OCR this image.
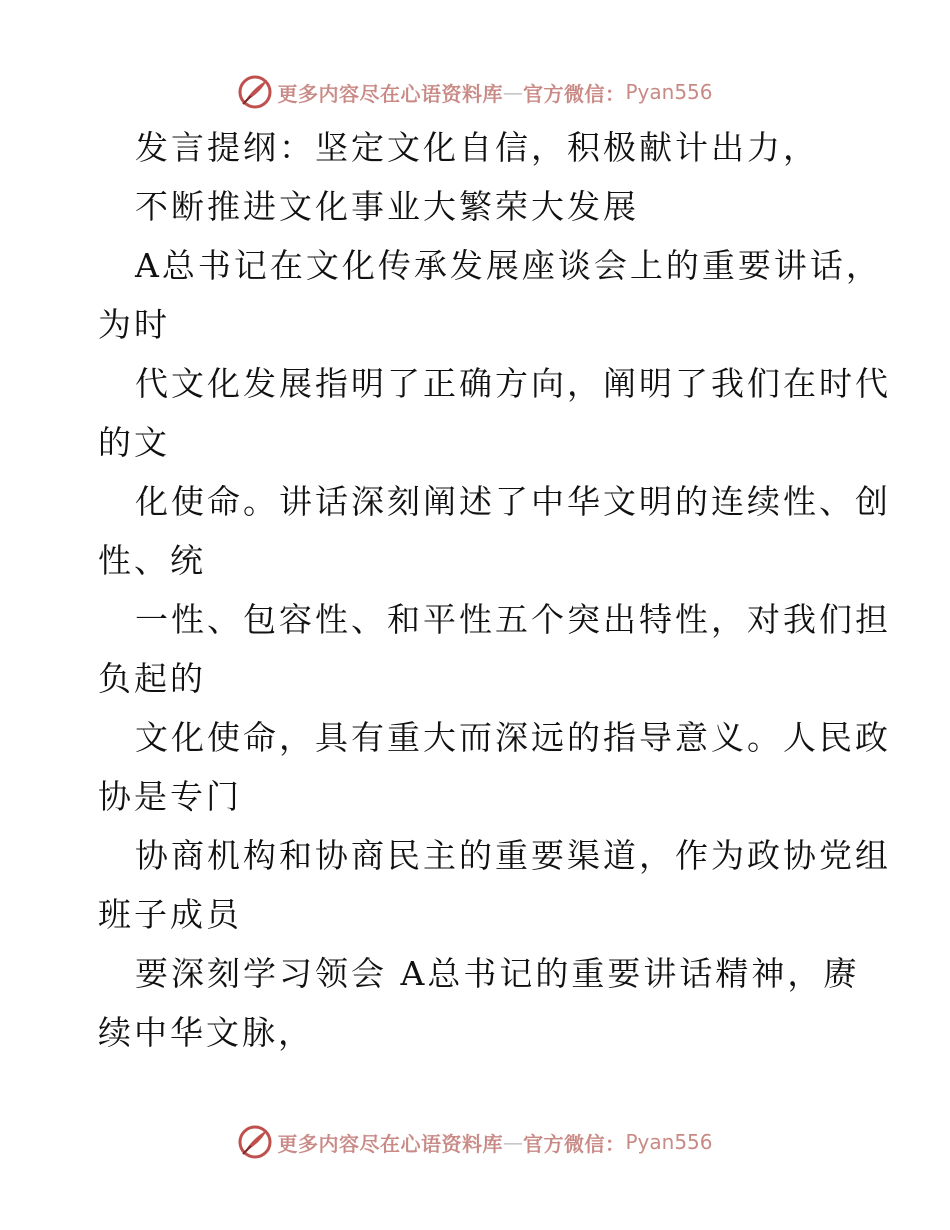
更多内容尽在心语资料库 — 官方微信： Pyan556
发言提纲：坚定文化自信，积极献计出力，
不断推进文化事业大繁荣大发展
A总书记在文化传承发展座谈会上的重要讲话，
为时
代文化发展指明了正确方向，阐明了我们在时代
的文
化使命。讲话深刻阐述了中华文明的连续性、创
性、统
一性、包容性、和平性五个突出特性，对我们担
负起的
文化使命，具有重大而深远的指导意义。人民政
协是专门
协商机构和协商民主的重要渠道，作为政协党组
班子成员
要深刻学习领会 A总书记的重要讲话精神，赓
续中华文脉，
更多内容尽在心语资料库 — 官方微信： Pyan556
